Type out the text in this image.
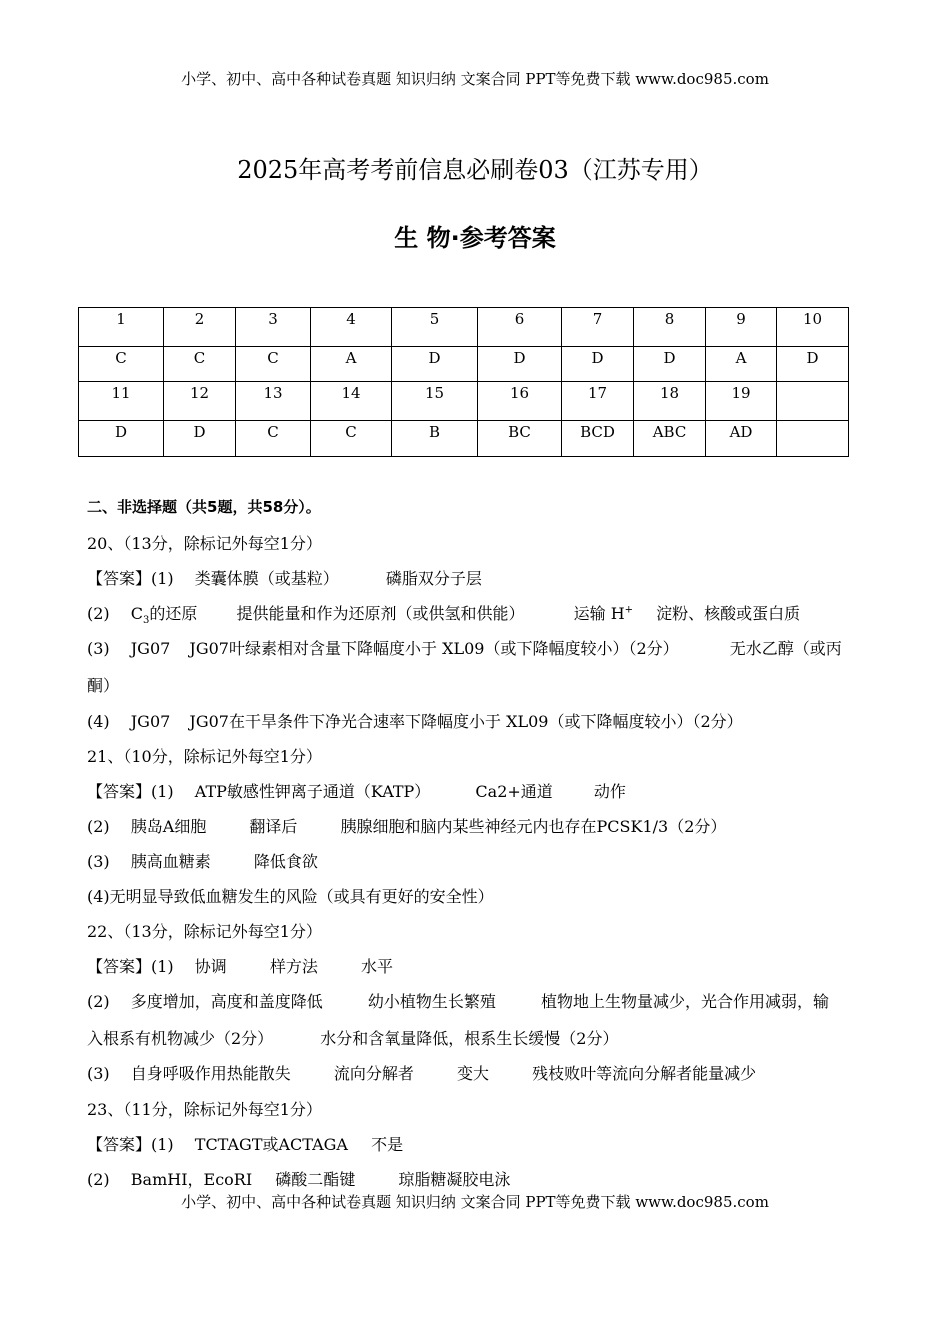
小学、初中、高中各种试卷真题 知识归纳 文案合同 PPT等免费下载 www.doc985.com
2025年高考考前信息必刷卷03（江苏专用）
生 物·参考答案
1	2	3	4	5	6	7	8	9	10
C	C	C	A	D	D	D	D	A	D
11	12	13	14	15	16	17	18	19	
D	D	C	C	B	BC	BCD	ABC	AD	
二、非选择题（共5题，共58分）。
20、（13分，除标记外每空1分）
【答案】(1) 类囊体膜（或基粒）	磷脂双分子层
(2) $C_3$的还原 提供能量和作为还原剂（或供氢和供能）	运输 H+ 淀粉、核酸或蛋白质
(3) JG07 JG07叶绿素相对含量下降幅度小于 XL09（或下降幅度较小）（2分）	无水乙醇（或丙
酮）
(4) JG07 JG07在干旱条件下净光合速率下降幅度小于 XL09（或下降幅度较小）（2分）
21、（10分，除标记外每空1分）
【答案】(1) ATP敏感性钾离子通道（KATP）	Ca2+通道	动作
(2) 胰岛A细胞	翻译后	胰腺细胞和脑内某些神经元内也存在PCSK1/3（2分）
(3) 胰高血糖素	降低食欲
(4)无明显导致低血糖发生的风险（或具有更好的安全性）
22、（13分，除标记外每空1分）
【答案】(1) 协调	样方法	水平
(2) 多度增加，高度和盖度降低	幼小植物生长繁殖	植物地上生物量减少，光合作用减弱，输
入根系有机物减少（2分）	水分和含氧量降低，根系生长缓慢（2分）
(3) 自身呼吸作用热能散失	流向分解者	变大	残枝败叶等流向分解者能量减少
23、（11分，除标记外每空1分）
【答案】(1) TCTAGT或ACTAGA 不是
(2) BamHI，EcoRI 磷酸二酯键	琼脂糖凝胶电泳
小学、初中、高中各种试卷真题 知识归纳 文案合同 PPT等免费下载 www.doc985.com
